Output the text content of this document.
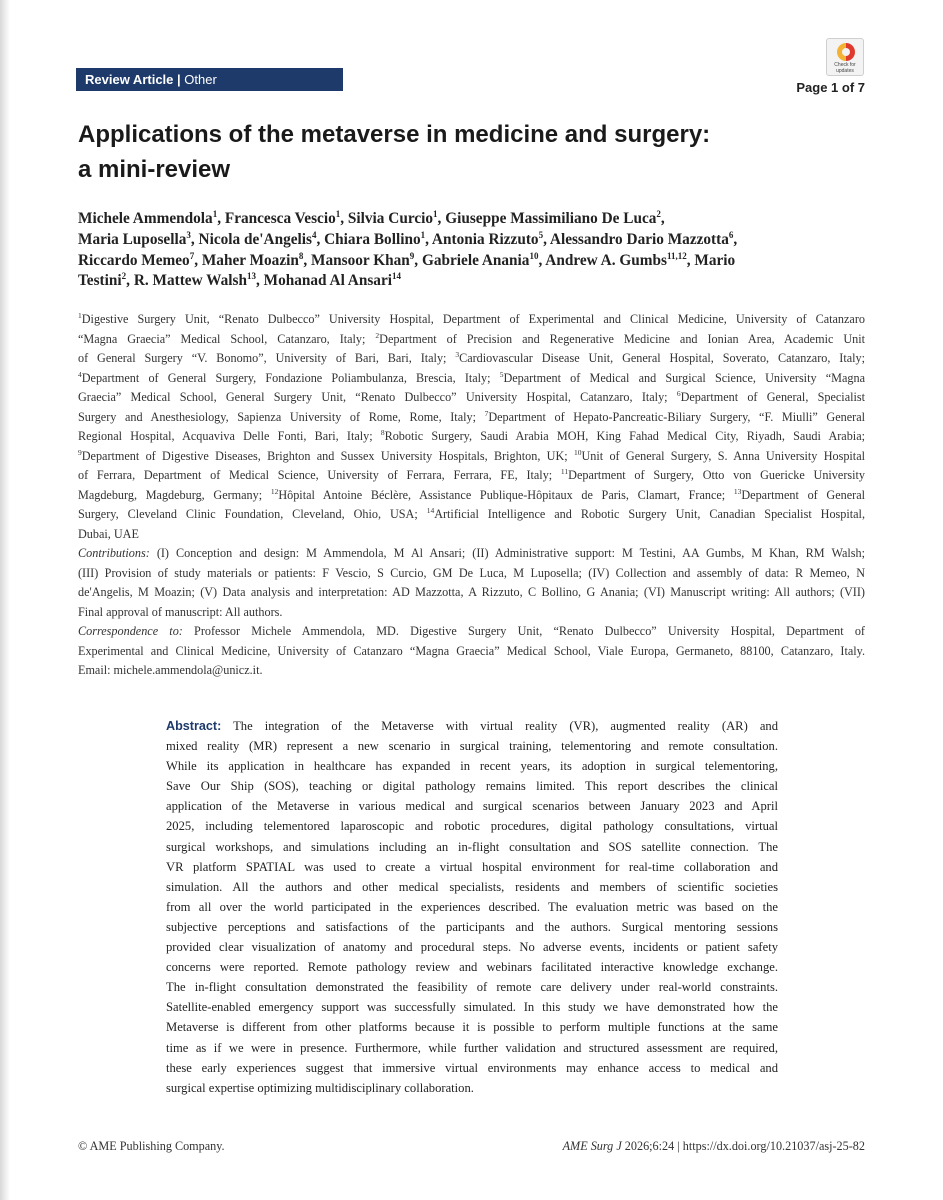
Review Article | Other
Check for updates
Page 1 of 7
Applications of the metaverse in medicine and surgery:
a mini-review
Michele Ammendola$^1$, Francesca Vescio$^1$, Silvia Curcio$^1$, Giuseppe Massimiliano De Luca$^2$,
Maria Luposella$^3$, Nicola de'Angelis$^4$, Chiara Bollino$^1$, Antonia Rizzuto$^5$, Alessandro Dario Mazzotta$^6$,
Riccardo Memeo$^7$, Maher Moazin$^8$, Mansoor Khan$^9$, Gabriele Anania$^{10}$, Andrew A. Gumbs$^{11,12}$, Mario
Testini$^2$, R. Mattew Walsh$^{13}$, Mohanad Al Ansari$^{14}$
$^1$Digestive Surgery Unit, “Renato Dulbecco” University Hospital, Department of Experimental and Clinical Medicine, University of Catanzaro
“Magna Graecia” Medical School, Catanzaro, Italy; $^2$Department of Precision and Regenerative Medicine and Ionian Area, Academic Unit
of General Surgery “V. Bonomo”, University of Bari, Bari, Italy; $^3$Cardiovascular Disease Unit, General Hospital, Soverato, Catanzaro, Italy;
$^4$Department of General Surgery, Fondazione Poliambulanza, Brescia, Italy; $^5$Department of Medical and Surgical Science, University “Magna
Graecia” Medical School, General Surgery Unit, “Renato Dulbecco” University Hospital, Catanzaro, Italy; $^6$Department of General, Specialist
Surgery and Anesthesiology, Sapienza University of Rome, Rome, Italy; $^7$Department of Hepato-Pancreatic-Biliary Surgery, “F. Miulli” General
Regional Hospital, Acquaviva Delle Fonti, Bari, Italy; $^8$Robotic Surgery, Saudi Arabia MOH, King Fahad Medical City, Riyadh, Saudi Arabia;
$^9$Department of Digestive Diseases, Brighton and Sussex University Hospitals, Brighton, UK; $^{10}$Unit of General Surgery, S. Anna University Hospital
of Ferrara, Department of Medical Science, University of Ferrara, Ferrara, FE, Italy; $^{11}$Department of Surgery, Otto von Guericke University
Magdeburg, Magdeburg, Germany; $^{12}$Hôpital Antoine Béclère, Assistance Publique-Hôpitaux de Paris, Clamart, France; $^{13}$Department of General
Surgery, Cleveland Clinic Foundation, Cleveland, Ohio, USA; $^{14}$Artificial Intelligence and Robotic Surgery Unit, Canadian Specialist Hospital,
Dubai, UAE
Contributions: (I) Conception and design: M Ammendola, M Al Ansari; (II) Administrative support: M Testini, AA Gumbs, M Khan, RM Walsh;
(III) Provision of study materials or patients: F Vescio, S Curcio, GM De Luca, M Luposella; (IV) Collection and assembly of data: R Memeo, N
de'Angelis, M Moazin; (V) Data analysis and interpretation: AD Mazzotta, A Rizzuto, C Bollino, G Anania; (VI) Manuscript writing: All authors; (VII)
Final approval of manuscript: All authors.
Correspondence to: Professor Michele Ammendola, MD. Digestive Surgery Unit, “Renato Dulbecco” University Hospital, Department of
Experimental and Clinical Medicine, University of Catanzaro “Magna Graecia” Medical School, Viale Europa, Germaneto, 88100, Catanzaro, Italy.
Email: michele.ammendola@unicz.it.
Abstract: The integration of the Metaverse with virtual reality (VR), augmented reality (AR) and
mixed reality (MR) represent a new scenario in surgical training, telementoring and remote consultation.
While its application in healthcare has expanded in recent years, its adoption in surgical telementoring,
Save Our Ship (SOS), teaching or digital pathology remains limited. This report describes the clinical
application of the Metaverse in various medical and surgical scenarios between January 2023 and April
2025, including telementored laparoscopic and robotic procedures, digital pathology consultations, virtual
surgical workshops, and simulations including an in-flight consultation and SOS satellite connection. The
VR platform SPATIAL was used to create a virtual hospital environment for real-time collaboration and
simulation. All the authors and other medical specialists, residents and members of scientific societies
from all over the world participated in the experiences described. The evaluation metric was based on the
subjective perceptions and satisfactions of the participants and the authors. Surgical mentoring sessions
provided clear visualization of anatomy and procedural steps. No adverse events, incidents or patient safety
concerns were reported. Remote pathology review and webinars facilitated interactive knowledge exchange.
The in-flight consultation demonstrated the feasibility of remote care delivery under real-world constraints.
Satellite-enabled emergency support was successfully simulated. In this study we have demonstrated how the
Metaverse is different from other platforms because it is possible to perform multiple functions at the same
time as if we were in presence. Furthermore, while further validation and structured assessment are required,
these early experiences suggest that immersive virtual environments may enhance access to medical and
surgical expertise optimizing multidisciplinary collaboration.
© AME Publishing Company.	AME Surg J 2026;6:24 | https://dx.doi.org/10.21037/asj-25-82
